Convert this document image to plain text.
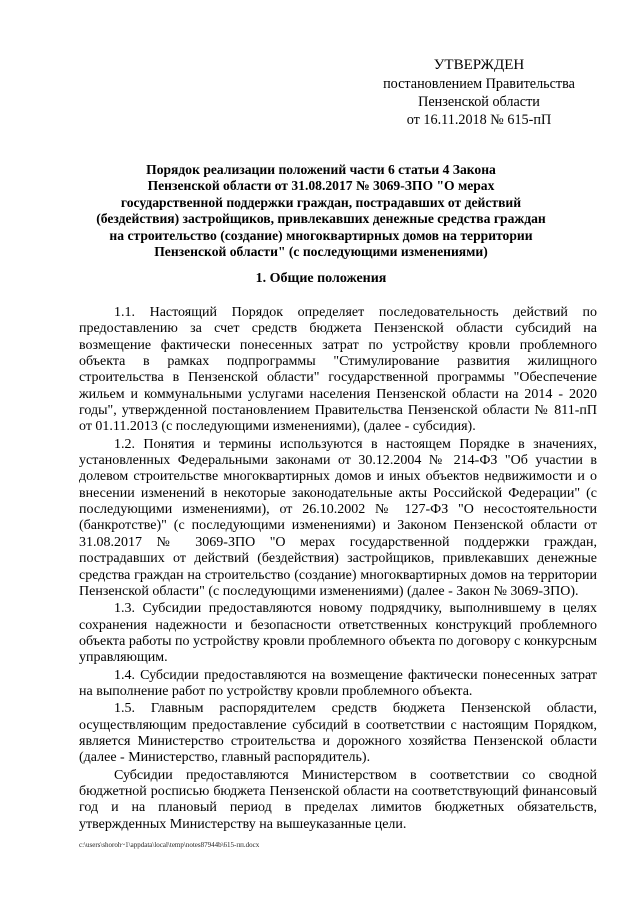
УТВЕРЖДЕН
постановлением Правительства
Пензенской области
от 16.11.2018 № 615-пП
Порядок реализации положений части 6 статьи 4 Закона
Пензенской области от 31.08.2017 № 3069-ЗПО "О мерах
государственной поддержки граждан, пострадавших от действий
(бездействия) застройщиков, привлекавших денежные средства граждан
на строительство (создание) многоквартирных домов на территории
Пензенской области" (с последующими изменениями)
1. Общие положения

1.1. Настоящий Порядок определяет последовательность действий по предоставлению за счет средств бюджета Пензенской области субсидий на возмещение фактически понесенных затрат по устройству кровли проблемного объекта в рамках подпрограммы "Стимулирование развития жилищного строительства в Пензенской области" государственной программы "Обеспечение жильем и коммунальными услугами населения Пензенской области на 2014 - 2020 годы", утвержденной постановлением Правительства Пензенской области № 811-пП от 01.11.2013 (с последующими изменениями), (далее - субсидия).

1.2. Понятия и термины используются в настоящем Порядке в значениях, установленных Федеральными законами от 30.12.2004 № 214-ФЗ "Об участии в долевом строительстве многоквартирных домов и иных объектов недвижимости и о внесении изменений в некоторые законодательные акты Российской Федерации" (с последующими изменениями), от 26.10.2002 № 127-ФЗ "О несостоятельности (банкротстве)" (с последующими изменениями) и Законом Пензенской области от 31.08.2017 № 3069-ЗПО "О мерах государственной поддержки граждан, пострадавших от действий (бездействия) застройщиков, привлекавших денежные средства граждан на строительство (создание) многоквартирных домов на территории Пензенской области" (с последующими изменениями) (далее - Закон № 3069-ЗПО).

1.3. Субсидии предоставляются новому подрядчику, выполнившему в целях сохранения надежности и безопасности ответственных конструкций проблемного объекта работы по устройству кровли проблемного объекта по договору с конкурсным управляющим.

1.4. Субсидии предоставляются на возмещение фактически понесенных затрат на выполнение работ по устройству кровли проблемного объекта.

1.5. Главным распорядителем средств бюджета Пензенской области, осуществляющим предоставление субсидий в соответствии с настоящим Порядком, является Министерство строительства и дорожного хозяйства Пензенской области (далее - Министерство, главный распорядитель).

Субсидии предоставляются Министерством в соответствии со сводной бюджетной росписью бюджета Пензенской области на соответствующий финансовый год и на плановый период в пределах лимитов бюджетных обязательств, утвержденных Министерству на вышеуказанные цели.

c:\users\shoroh~1\appdata\local\temp\notes87944b\615-пп.docx
